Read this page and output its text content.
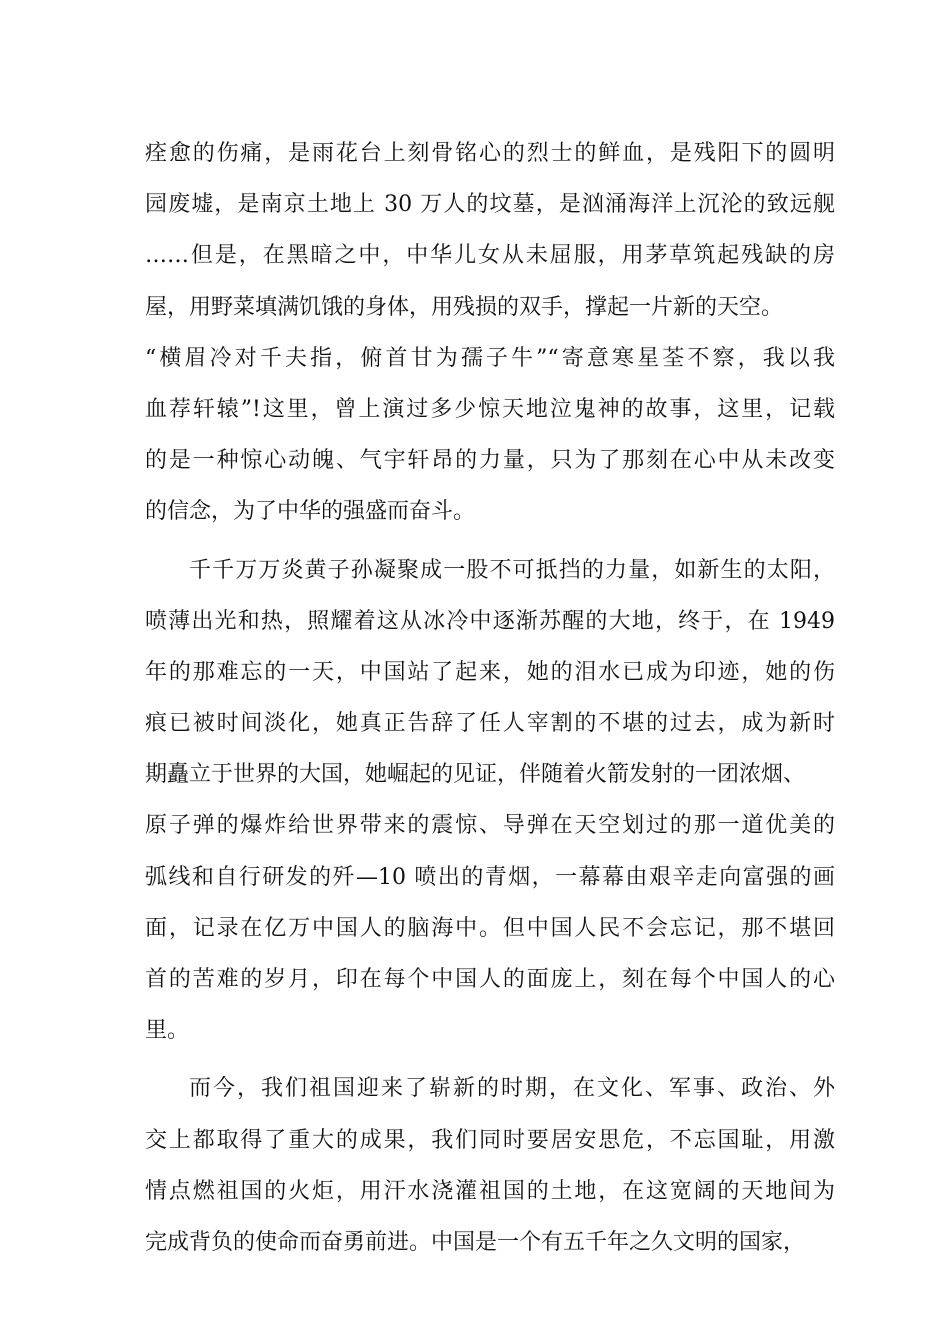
痊愈的伤痛，是雨花台上刻骨铭心的烈士的鲜血，是残阳下的圆明
园废墟，是南京土地上 30 万人的坟墓，是汹涌海洋上沉沦的致远舰
……但是，在黑暗之中，中华儿女从未屈服，用茅草筑起残缺的房
屋，用野菜填满饥饿的身体，用残损的双手，撑起一片新的天空。
“横眉冷对千夫指，俯首甘为孺子牛”“寄意寒星荃不察，我以我
血荐轩辕”!这里，曾上演过多少惊天地泣鬼神的故事，这里，记载
的是一种惊心动魄、气宇轩昂的力量，只为了那刻在心中从未改变
的信念，为了中华的强盛而奋斗。
千千万万炎黄子孙凝聚成一股不可抵挡的力量，如新生的太阳，
喷薄出光和热，照耀着这从冰冷中逐渐苏醒的大地，终于，在 1949
年的那难忘的一天，中国站了起来，她的泪水已成为印迹，她的伤
痕已被时间淡化，她真正告辞了任人宰割的不堪的过去，成为新时
期矗立于世界的大国，她崛起的见证，伴随着火箭发射的一团浓烟、
原子弹的爆炸给世界带来的震惊、导弹在天空划过的那一道优美的
弧线和自行研发的歼—10 喷出的青烟，一幕幕由艰辛走向富强的画
面，记录在亿万中国人的脑海中。但中国人民不会忘记，那不堪回
首的苦难的岁月，印在每个中国人的面庞上，刻在每个中国人的心
里。
而今，我们祖国迎来了崭新的时期，在文化、军事、政治、外
交上都取得了重大的成果，我们同时要居安思危，不忘国耻，用激
情点燃祖国的火炬，用汗水浇灌祖国的土地，在这宽阔的天地间为
完成背负的使命而奋勇前进。中国是一个有五千年之久文明的国家，
